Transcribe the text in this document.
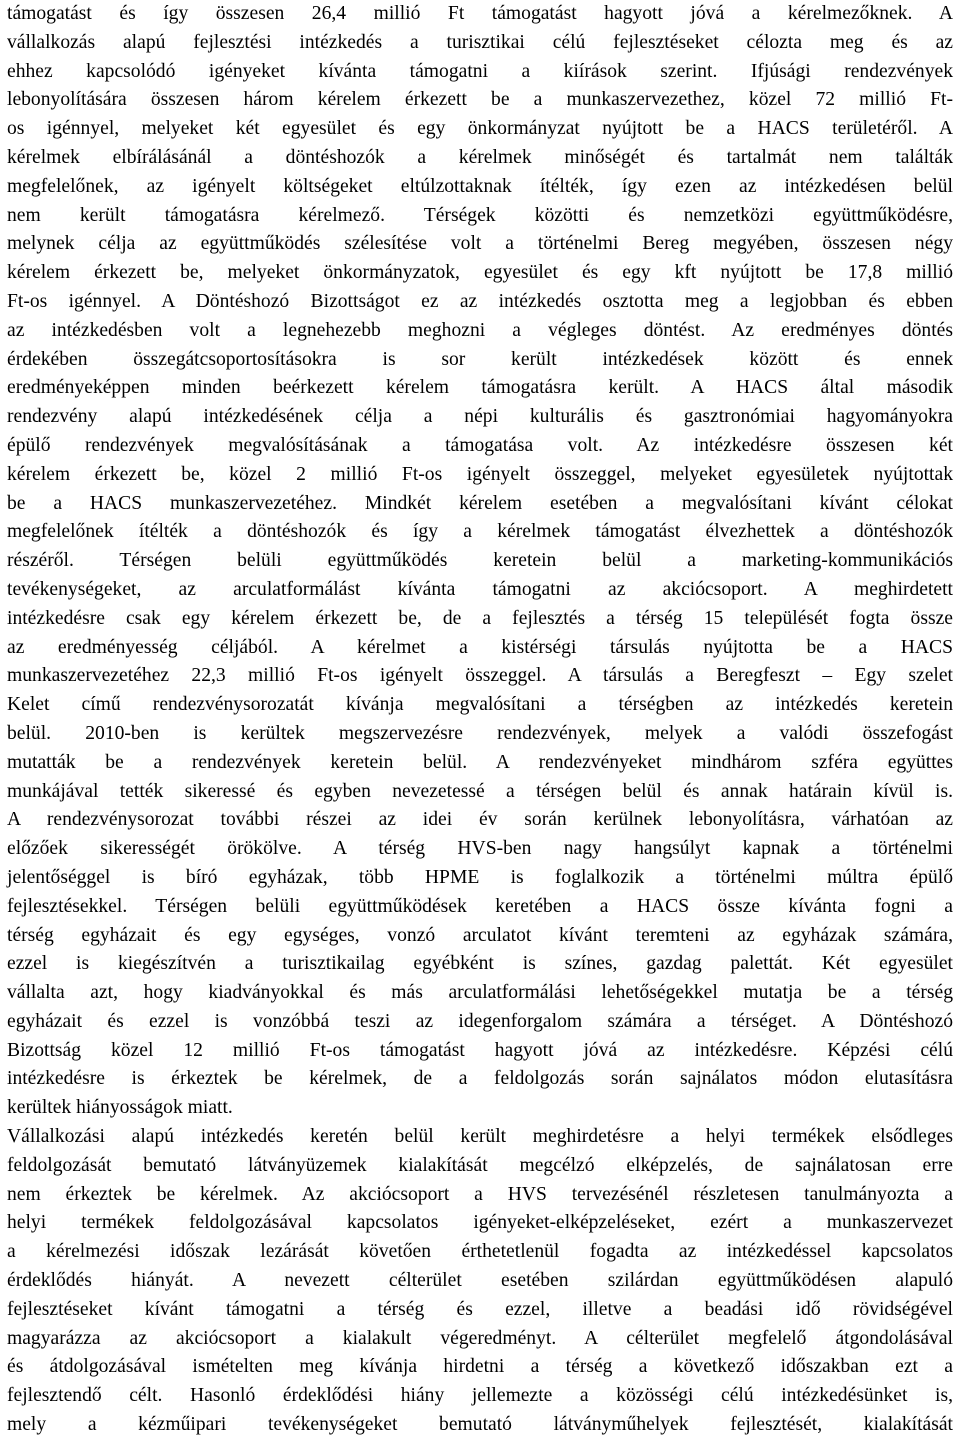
támogatást és így összesen 26,4 millió Ft támogatást hagyott jóvá a kérelmezőknek. A
vállalkozás alapú fejlesztési intézkedés a turisztikai célú fejlesztéseket célozta meg és az
ehhez kapcsolódó igényeket kívánta támogatni a kiírások szerint. Ifjúsági rendezvények
lebonyolítására összesen három kérelem érkezett be a munkaszervezethez, közel 72 millió Ft-
os igénnyel, melyeket két egyesület és egy önkormányzat nyújtott be a HACS területéről. A
kérelmek elbírálásánál a döntéshozók a kérelmek minőségét és tartalmát nem találták
megfelelőnek, az igényelt költségeket eltúlzottaknak ítélték, így ezen az intézkedésen belül
nem került támogatásra kérelmező. Térségek közötti és nemzetközi együttműködésre,
melynek célja az együttműködés szélesítése volt a történelmi Bereg megyében, összesen négy
kérelem érkezett be, melyeket önkormányzatok, egyesület és egy kft nyújtott be 17,8 millió
Ft-os igénnyel. A Döntéshozó Bizottságot ez az intézkedés osztotta meg a legjobban és ebben
az intézkedésben volt a legnehezebb meghozni a végleges döntést. Az eredményes döntés
érdekében összegátcsoportosításokra is sor került intézkedések között és ennek
eredményeképpen minden beérkezett kérelem támogatásra került. A HACS által második
rendezvény alapú intézkedésének célja a népi kulturális és gasztronómiai hagyományokra
épülő rendezvények megvalósításának a támogatása volt. Az intézkedésre összesen két
kérelem érkezett be, közel 2 millió Ft-os igényelt összeggel, melyeket egyesületek nyújtottak
be a HACS munkaszervezetéhez. Mindkét kérelem esetében a megvalósítani kívánt célokat
megfelelőnek ítélték a döntéshozók és így a kérelmek támogatást élvezhettek a döntéshozók
részéről. Térségen belüli együttműködés keretein belül a marketing-kommunikációs
tevékenységeket, az arculatformálást kívánta támogatni az akciócsoport. A meghirdetett
intézkedésre csak egy kérelem érkezett be, de a fejlesztés a térség 15 települését fogta össze
az eredményesség céljából. A kérelmet a kistérségi társulás nyújtotta be a HACS
munkaszervezetéhez 22,3 millió Ft-os igényelt összeggel. A társulás a Beregfeszt – Egy szelet
Kelet című rendezvénysorozatát kívánja megvalósítani a térségben az intézkedés keretein
belül. 2010-ben is kerültek megszervezésre rendezvények, melyek a valódi összefogást
mutatták be a rendezvények keretein belül. A rendezvényeket mindhárom szféra együttes
munkájával tették sikeressé és egyben nevezetessé a térségen belül és annak határain kívül is.
A rendezvénysorozat további részei az idei év során kerülnek lebonyolításra, várhatóan az
előzőek sikerességét örökölve. A térség HVS-ben nagy hangsúlyt kapnak a történelmi
jelentőséggel is bíró egyházak, több HPME is foglalkozik a történelmi múltra épülő
fejlesztésekkel. Térségen belüli együttműködések keretében a HACS össze kívánta fogni a
térség egyházait és egy egységes, vonzó arculatot kívánt teremteni az egyházak számára,
ezzel is kiegészítvén a turisztikailag egyébként is színes, gazdag palettát. Két egyesület
vállalta azt, hogy kiadványokkal és más arculatformálási lehetőségekkel mutatja be a térség
egyházait és ezzel is vonzóbbá teszi az idegenforgalom számára a térséget. A Döntéshozó
Bizottság közel 12 millió Ft-os támogatást hagyott jóvá az intézkedésre. Képzési célú
intézkedésre is érkeztek be kérelmek, de a feldolgozás során sajnálatos módon elutasításra
kerültek hiányosságok miatt.
Vállalkozási alapú intézkedés keretén belül került meghirdetésre a helyi termékek elsődleges
feldolgozását bemutató látványüzemek kialakítását megcélzó elképzelés, de sajnálatosan erre
nem érkeztek be kérelmek. Az akciócsoport a HVS tervezésénél részletesen tanulmányozta a
helyi termékek feldolgozásával kapcsolatos igényeket-elképzeléseket, ezért a munkaszervezet
a kérelmezési időszak lezárását követően érthetetlenül fogadta az intézkedéssel kapcsolatos
érdeklődés hiányát. A nevezett célterület esetében szilárdan együttműködésen alapuló
fejlesztéseket kívánt támogatni a térség és ezzel, illetve a beadási idő rövidségével
magyarázza az akciócsoport a kialakult végeredményt. A célterület megfelelő átgondolásával
és átdolgozásával ismételten meg kívánja hirdetni a térség a következő időszakban ezt a
fejlesztendő célt. Hasonló érdeklődési hiány jellemezte a közösségi célú intézkedésünket is,
mely a kézműipari tevékenységeket bemutató látványműhelyek fejlesztését, kialakítását
